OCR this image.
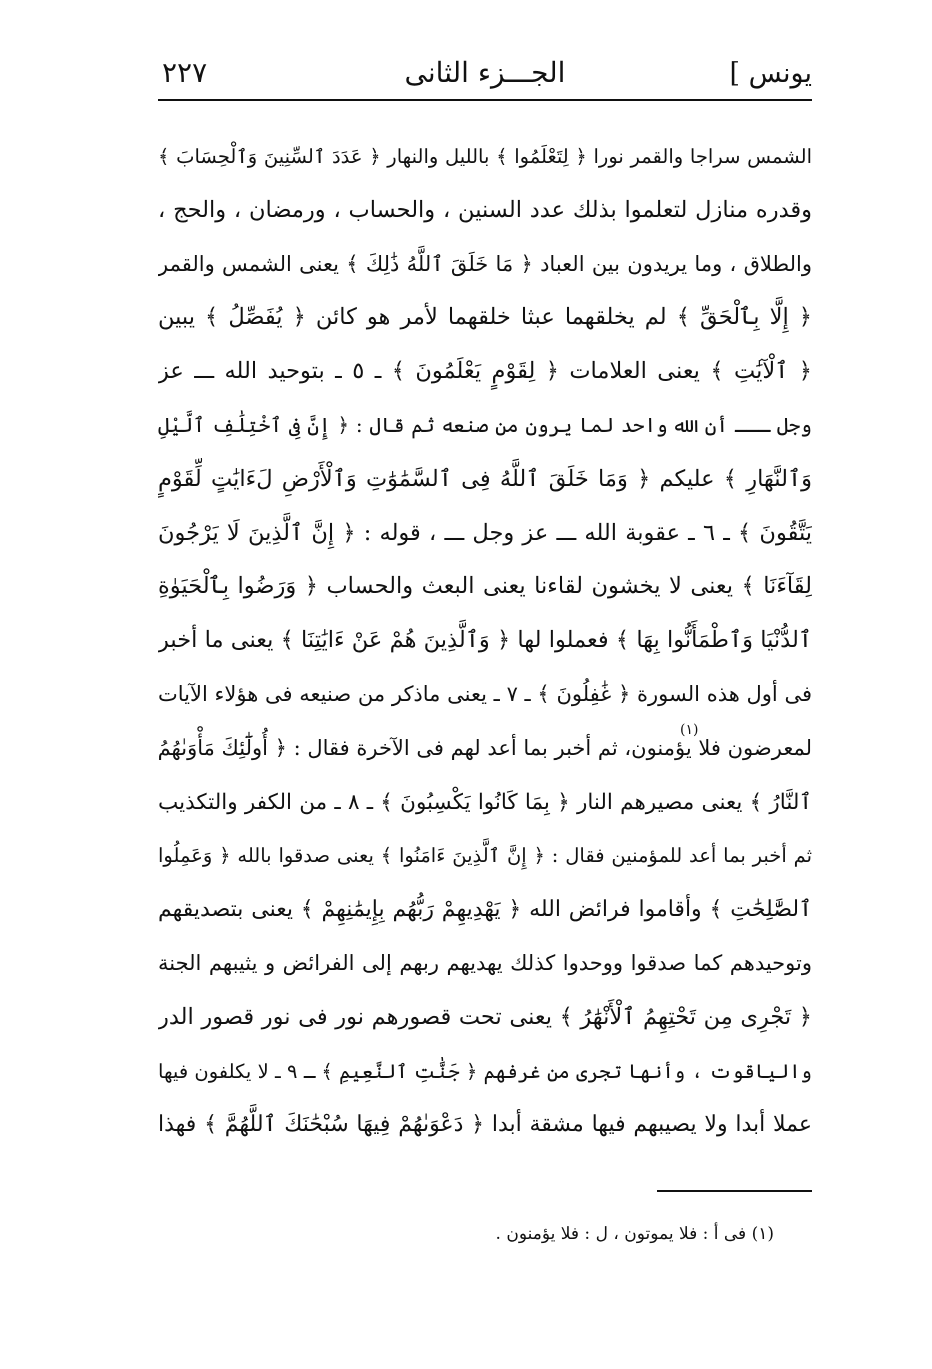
يونس ]
الجـــزء الثانى
٢٢٧
الشمس سراجا والقمر نورا ﴿ لِتَعْلَمُوا ﴾ بالليل والنهار ﴿ عَدَدَ ٱلسِّنِينَ وَٱلْحِسَابَ ﴾
وقدره منازل لتعلموا بذلك عدد السنين ، والحساب ، ورمضان ، والحج ،
والطلاق ، وما يريدون بين العباد ﴿ مَا خَلَقَ ٱللَّهُ ذَٰلِكَ ﴾ يعنى الشمس والقمر
﴿ إِلَّا بِٱلْحَقِّ ﴾ لم يخلقهما عبثا خلقهما لأمر هو كائن ﴿ يُفَصِّلُ ﴾ يبين
﴿ ٱلْآيَٰتِ ﴾ يعنى العلامات ﴿ لِقَوْمٍ يَعْلَمُونَ ﴾ ـ ٥ ـ بتوحيد الله ـــ عز
وجل ـــ أن الله واحد لما يرون من صنعه ثم قال : ﴿ إِنَّ فِى ٱخْتِلَٰفِ ٱلَّيْلِ
وَٱلنَّهَارِ ﴾ عليكم ﴿ وَمَا خَلَقَ ٱللَّهُ فِى ٱلسَّمَٰوَٰتِ وَٱلْأَرْضِ لَءَايَٰتٍ لِّقَوْمٍ
يَتَّقُونَ ﴾ ـ ٦ ـ عقوبة الله ـــ عز وجل ـــ ، قوله : ﴿ إِنَّ ٱلَّذِينَ لَا يَرْجُونَ
لِقَآءَنَا ﴾ يعنى لا يخشون لقاءنا يعنى البعث والحساب ﴿ وَرَضُوا بِٱلْحَيَوٰةِ
ٱلدُّنْيَا وَٱطْمَأَنُّوا بِهَا ﴾ فعملوا لها ﴿ وَٱلَّذِينَ هُمْ عَنْ ءَايَٰتِنَا ﴾ يعنى ما أخبر
فى أول هذه السورة ﴿ غَٰفِلُونَ ﴾ ـ ٧ ـ يعنى ماذكر من صنيعه فى هؤلاء الآيات
لمعرضون فلا يؤمنون، ثم أخبر بما أعد لهم فى الآخرة فقال : ﴿ أُولَٰٓئِكَ مَأْوَىٰهُمُ
ٱلنَّارُ ﴾ يعنى مصيرهم النار ﴿ بِمَا كَانُوا يَكْسِبُونَ ﴾ ـ ٨ ـ من الكفر والتكذيب
ثم أخبر بما أعد للمؤمنين فقال : ﴿ إِنَّ ٱلَّذِينَ ءَامَنُوا ﴾ يعنى صدقوا بالله ﴿ وَعَمِلُوا
ٱلصَّٰلِحَٰتِ ﴾ وأقاموا فرائض الله ﴿ يَهْدِيهِمْ رَبُّهُم بِإِيمَٰنِهِمْ ﴾ يعنى بتصديقهم
وتوحيدهم كما صدقوا ووحدوا كذلك يهديهم ربهم إلى الفرائض و يثيبهم الجنة
﴿ تَجْرِى مِن تَحْتِهِمُ ٱلْأَنْهَٰرُ ﴾ يعنى تحت قصورهم نور فى نور قصور الدر
والياقوت ، وأنها تجرى من غرفهم ﴿ جَنَّٰتِ ٱلنَّعِيمِ ﴾ ـ ٩ ـ لا يكلفون فيها
عملا أبدا ولا يصيبهم فيها مشقة أبدا ﴿ دَعْوَىٰهُمْ فِيهَا سُبْحَٰنَكَ ٱللَّهُمَّ ﴾ فهذا
(١)
(١) فى أ : فلا يموتون ، ل : فلا يؤمنون .
